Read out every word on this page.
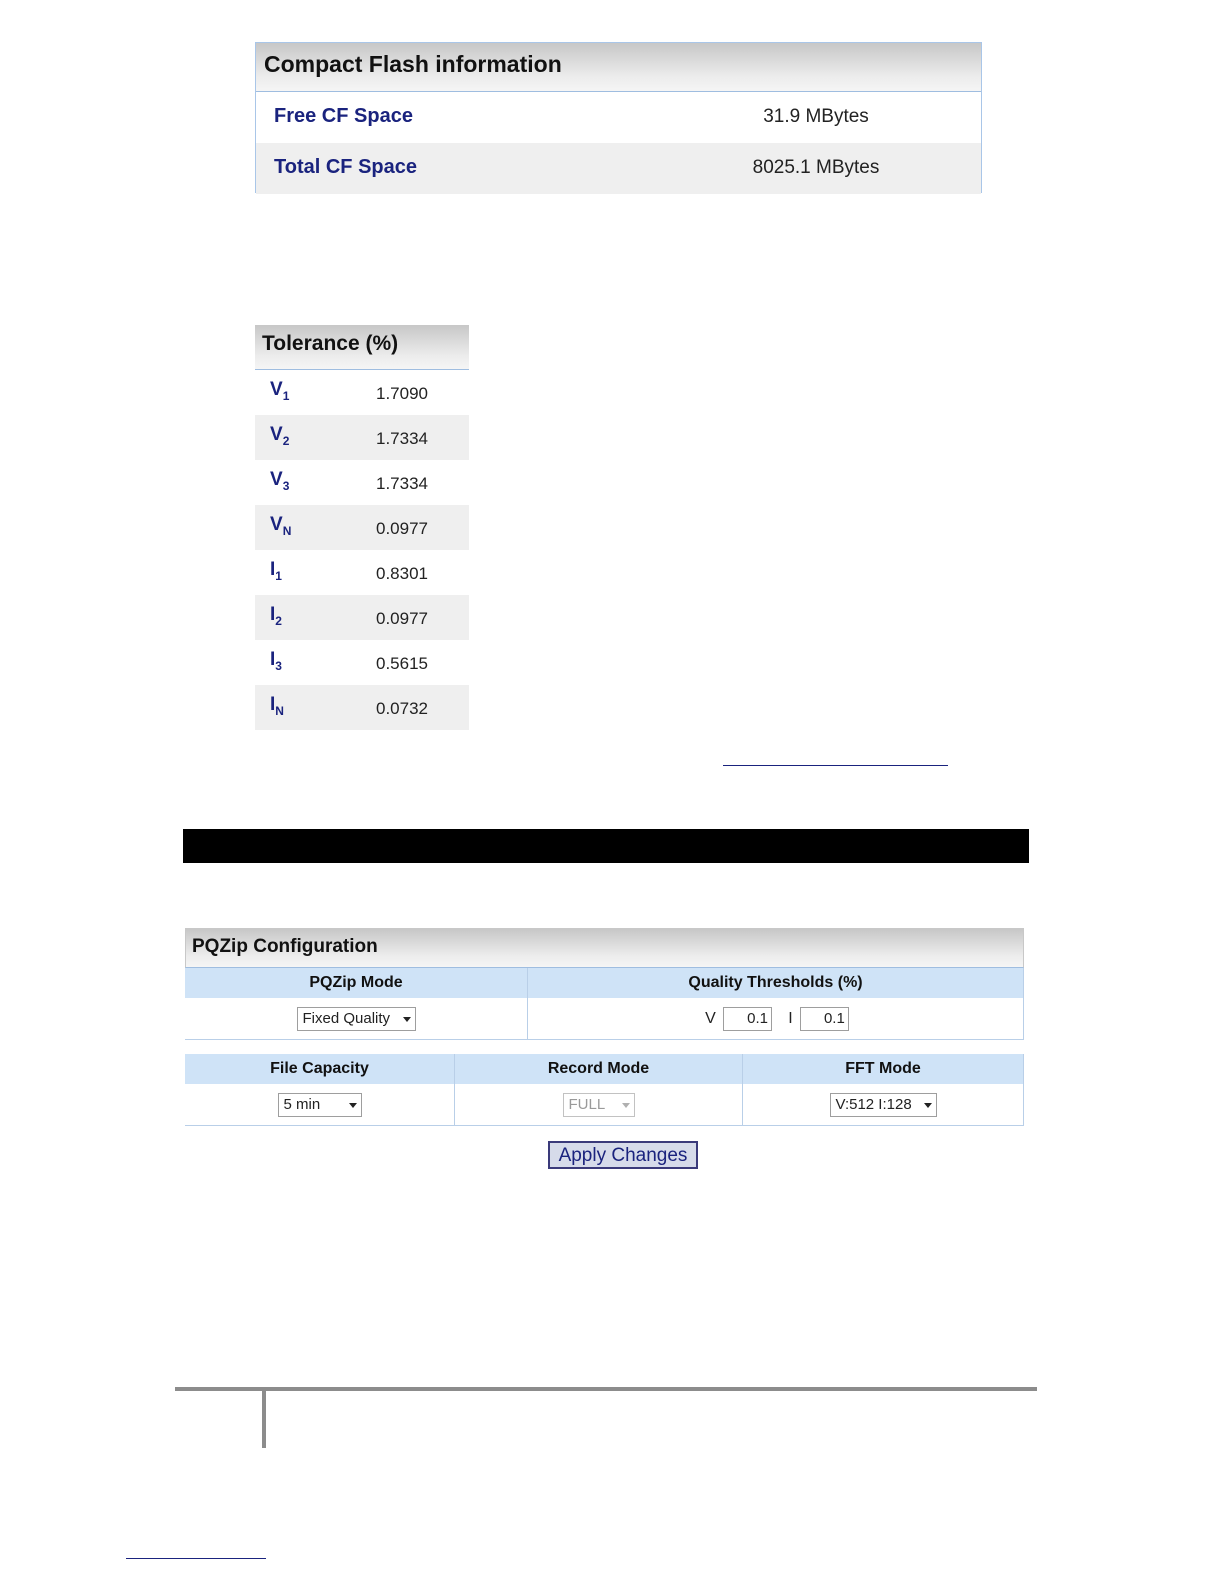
Compact Flash information
Free CF Space	31.9 MBytes
Total CF Space	8025.1 MBytes
Tolerance (%)
$V_1$	1.7090
$V_2$	1.7334
$V_3$	1.7334
$V_N$	0.0977
$I_1$	0.8301
$I_2$	0.0977
$I_3$	0.5615
$I_N$	0.0732
PQZip Configuration
PQZip Mode	Quality Thresholds (%)
Fixed Quality	V 0.1 I 0.1
File Capacity	Record Mode	FFT Mode
5 min	FULL	V:512 I:128
Apply Changes
